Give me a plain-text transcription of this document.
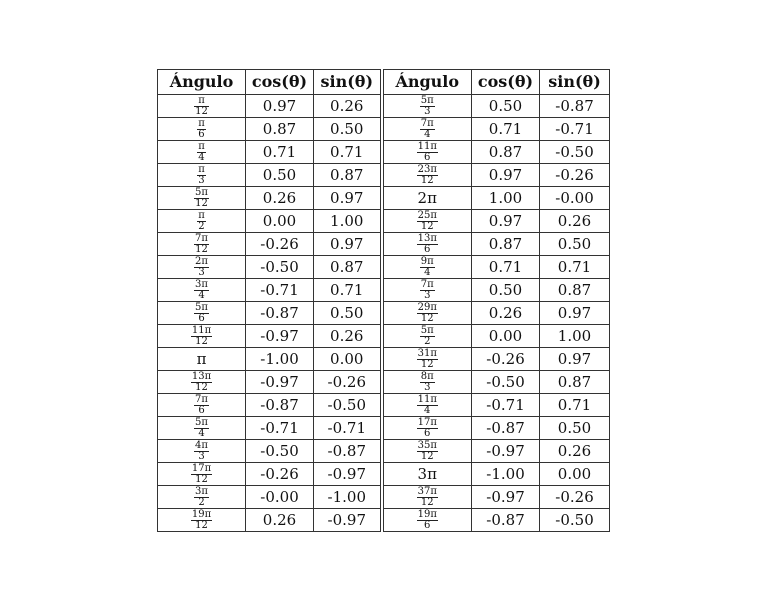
Ángulo	cos(θ)	sin(θ)	Ángulo	cos(θ)	sin(θ)

$\frac{\pi}{12}$	0.97	0.26	$\frac{5\pi}{3}$	0.50	-0.87

$\frac{\pi}{6}$	0.87	0.50	$\frac{7\pi}{4}$	0.71	-0.71

$\frac{\pi}{4}$	0.71	0.71	$\frac{11\pi}{6}$	0.87	-0.50

$\frac{\pi}{3}$	0.50	0.87	$\frac{23\pi}{12}$	0.97	-0.26

$\frac{5\pi}{12}$	0.26	0.97	2π	1.00	-0.00

$\frac{\pi}{2}$	0.00	1.00	$\frac{25\pi}{12}$	0.97	0.26

$\frac{7\pi}{12}$	-0.26	0.97	$\frac{13\pi}{6}$	0.87	0.50

$\frac{2\pi}{3}$	-0.50	0.87	$\frac{9\pi}{4}$	0.71	0.71

$\frac{3\pi}{4}$	-0.71	0.71	$\frac{7\pi}{3}$	0.50	0.87

$\frac{5\pi}{6}$	-0.87	0.50	$\frac{29\pi}{12}$	0.26	0.97

$\frac{11\pi}{12}$	-0.97	0.26	$\frac{5\pi}{2}$	0.00	1.00
π	-1.00	0.00	$\frac{31\pi}{12}$	-0.26	0.97

$\frac{13\pi}{12}$	-0.97	-0.26	$\frac{8\pi}{3}$	-0.50	0.87

$\frac{7\pi}{6}$	-0.87	-0.50	$\frac{11\pi}{4}$	-0.71	0.71

$\frac{5\pi}{4}$	-0.71	-0.71	$\frac{17\pi}{6}$	-0.87	0.50

$\frac{4\pi}{3}$	-0.50	-0.87	$\frac{35\pi}{12}$	-0.97	0.26

$\frac{17\pi}{12}$	-0.26	-0.97	3π	-1.00	0.00

$\frac{3\pi}{2}$	-0.00	-1.00	$\frac{37\pi}{12}$	-0.97	-0.26

$\frac{19\pi}{12}$	0.26	-0.97	$\frac{19\pi}{6}$	-0.87	-0.50
